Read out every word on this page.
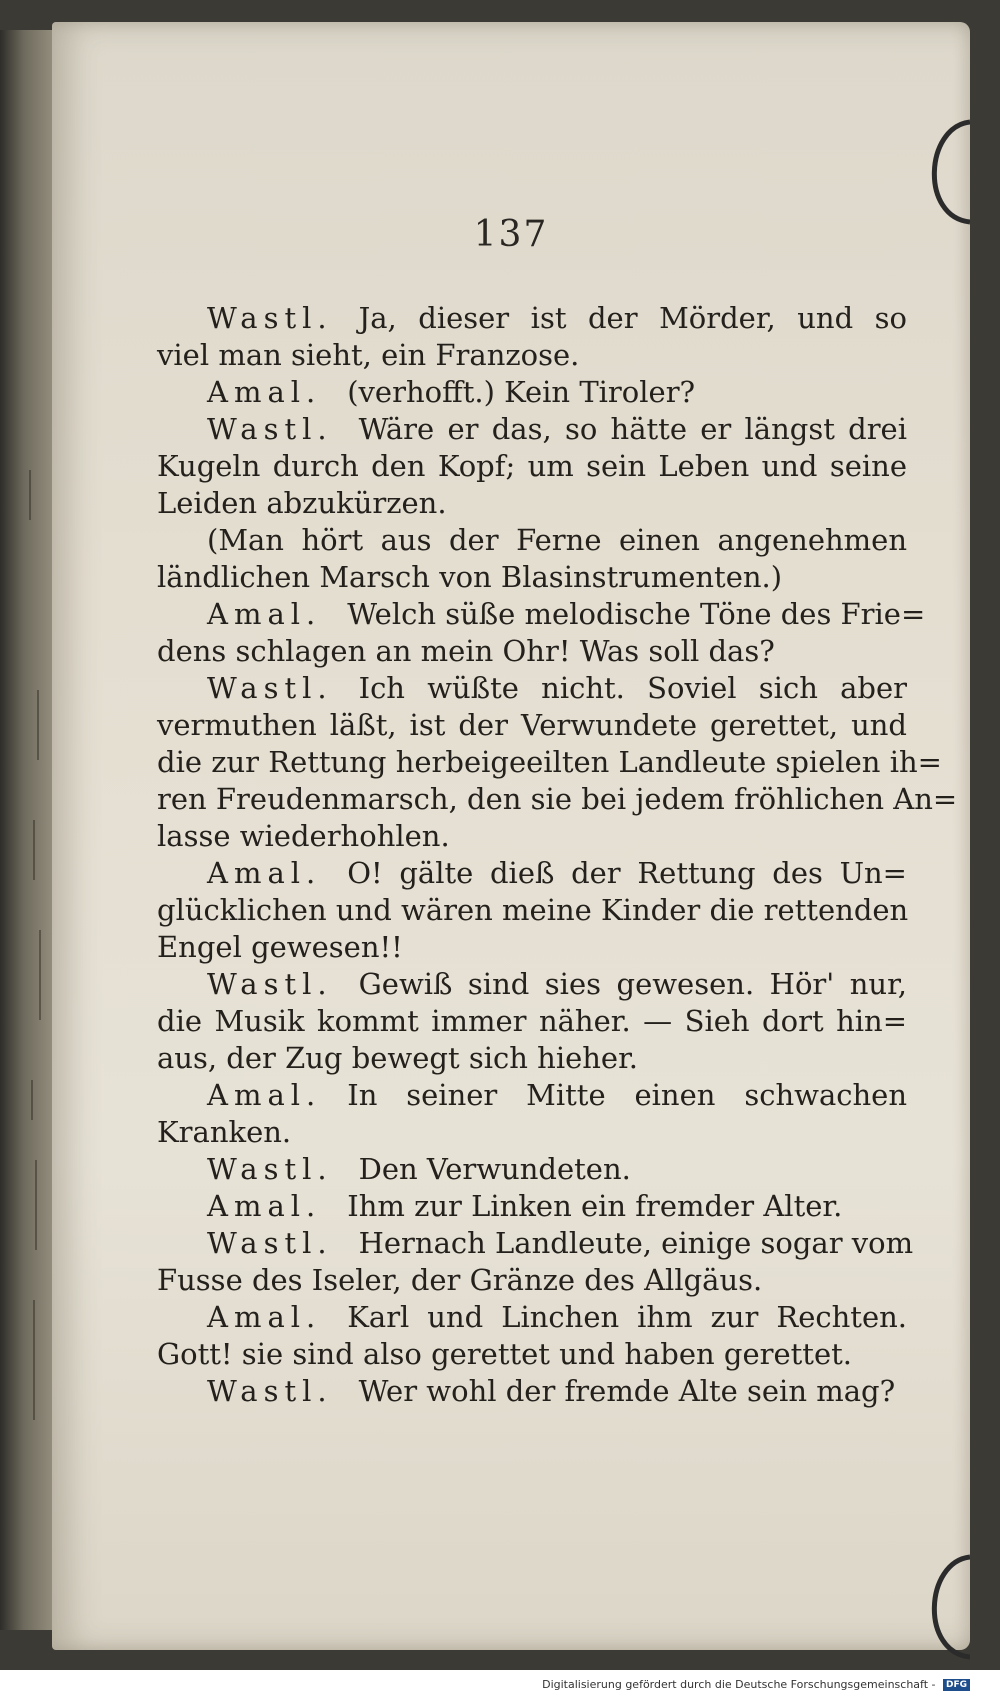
137
Wastl. Ja, dieser ist der Mörder, und so
viel man sieht, ein Franzose.
Amal. (verhofft.) Kein Tiroler?
Wastl. Wäre er das, so hätte er längst drei
Kugeln durch den Kopf; um sein Leben und seine
Leiden abzukürzen.
(Man hört aus der Ferne einen angenehmen
ländlichen Marsch von Blasinstrumenten.)
Amal. Welch süße melodische Töne des Frie=
dens schlagen an mein Ohr! Was soll das?
Wastl. Ich wüßte nicht. Soviel sich aber
vermuthen läßt, ist der Verwundete gerettet, und
die zur Rettung herbeigeeilten Landleute spielen ih=
ren Freudenmarsch, den sie bei jedem fröhlichen An=
lasse wiederhohlen.
Amal. O! gälte dieß der Rettung des Un=
glücklichen und wären meine Kinder die rettenden
Engel gewesen!!
Wastl. Gewiß sind sies gewesen. Hör' nur,
die Musik kommt immer näher. — Sieh dort hin=
aus, der Zug bewegt sich hieher.
Amal. In seiner Mitte einen schwachen
Kranken.
Wastl. Den Verwundeten.
Amal. Ihm zur Linken ein fremder Alter.
Wastl. Hernach Landleute, einige sogar vom
Fusse des Iseler, der Gränze des Allgäus.
Amal. Karl und Linchen ihm zur Rechten.
Gott! sie sind also gerettet und haben gerettet.
Wastl. Wer wohl der fremde Alte sein mag?
Digitalisierung gefördert durch die Deutsche Forschungsgemeinschaft - DFG
